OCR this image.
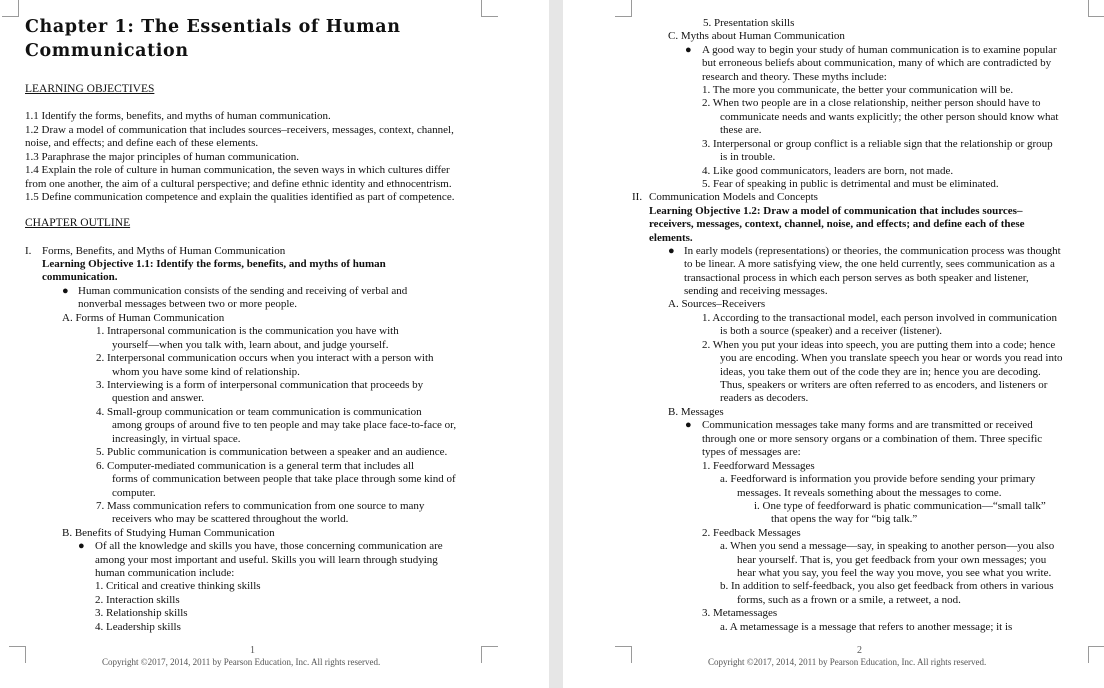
Chapter 1: The Essentials of Human
Communication
LEARNING OBJECTIVES
1.1 Identify the forms, benefits, and myths of human communication.
1.2 Draw a model of communication that includes sources–receivers, messages, context, channel,
noise, and effects; and define each of these elements.
1.3 Paraphrase the major principles of human communication.
1.4 Explain the role of culture in human communication, the seven ways in which cultures differ
from one another, the aim of a cultural perspective; and define ethnic identity and ethnocentrism.
1.5 Define communication competence and explain the qualities identified as part of competence.
CHAPTER OUTLINE
I. Forms, Benefits, and Myths of Human Communication
Learning Objective 1.1: Identify the forms, benefits, and myths of human
communication.
● Human communication consists of the sending and receiving of verbal and
nonverbal messages between two or more people.
A. Forms of Human Communication
1. Intrapersonal communication is the communication you have with
yourself—when you talk with, learn about, and judge yourself.
2. Interpersonal communication occurs when you interact with a person with
whom you have some kind of relationship.
3. Interviewing is a form of interpersonal communication that proceeds by
question and answer.
4. Small-group communication or team communication is communication
among groups of around five to ten people and may take place face-to-face or,
increasingly, in virtual space.
5. Public communication is communication between a speaker and an audience.
6. Computer-mediated communication is a general term that includes all
forms of communication between people that take place through some kind of
computer.
7. Mass communication refers to communication from one source to many
receivers who may be scattered throughout the world.
B. Benefits of Studying Human Communication
● Of all the knowledge and skills you have, those concerning communication are
among your most important and useful. Skills you will learn through studying
human communication include:
1. Critical and creative thinking skills
2. Interaction skills
3. Relationship skills
4. Leadership skills
1
Copyright ©2017, 2014, 2011 by Pearson Education, Inc. All rights reserved.
5. Presentation skills
C. Myths about Human Communication
● A good way to begin your study of human communication is to examine popular
but erroneous beliefs about communication, many of which are contradicted by
research and theory. These myths include:
1. The more you communicate, the better your communication will be.
2. When two people are in a close relationship, neither person should have to
communicate needs and wants explicitly; the other person should know what
these are.
3. Interpersonal or group conflict is a reliable sign that the relationship or group
is in trouble.
4. Like good communicators, leaders are born, not made.
5. Fear of speaking in public is detrimental and must be eliminated.
II. Communication Models and Concepts
Learning Objective 1.2: Draw a model of communication that includes sources–
receivers, messages, context, channel, noise, and effects; and define each of these
elements.
● In early models (representations) or theories, the communication process was thought
to be linear. A more satisfying view, the one held currently, sees communication as a
transactional process in which each person serves as both speaker and listener,
sending and receiving messages.
A. Sources–Receivers
1. According to the transactional model, each person involved in communication
is both a source (speaker) and a receiver (listener).
2. When you put your ideas into speech, you are putting them into a code; hence
you are encoding. When you translate speech you hear or words you read into
ideas, you take them out of the code they are in; hence you are decoding.
Thus, speakers or writers are often referred to as encoders, and listeners or
readers as decoders.
B. Messages
● Communication messages take many forms and are transmitted or received
through one or more sensory organs or a combination of them. Three specific
types of messages are:
1. Feedforward Messages
a. Feedforward is information you provide before sending your primary
messages. It reveals something about the messages to come.
i. One type of feedforward is phatic communication—“small talk”
that opens the way for “big talk.”
2. Feedback Messages
a. When you send a message—say, in speaking to another person—you also
hear yourself. That is, you get feedback from your own messages; you
hear what you say, you feel the way you move, you see what you write.
b. In addition to self-feedback, you also get feedback from others in various
forms, such as a frown or a smile, a retweet, a nod.
3. Metamessages
a. A metamessage is a message that refers to another message; it is
2
Copyright ©2017, 2014, 2011 by Pearson Education, Inc. All rights reserved.
